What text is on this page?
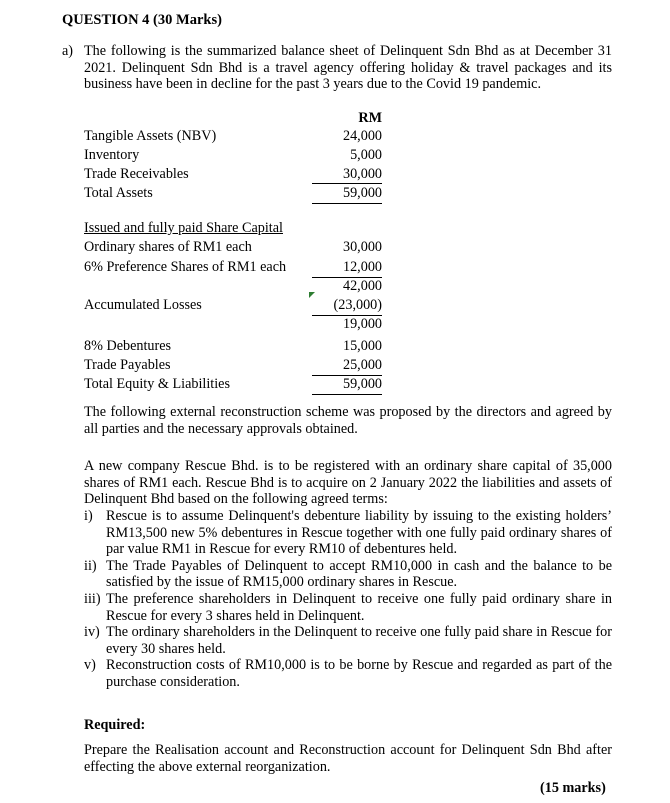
QUESTION 4 (30 Marks)
a) The following is the summarized balance sheet of Delinquent Sdn Bhd as at December 31 2021. Delinquent Sdn Bhd is a travel agency offering holiday & travel packages and its business have been in decline for the past 3 years due to the Covid 19 pandemic.
RM
Tangible Assets (NBV)	24,000
Inventory	5,000
Trade Receivables	30,000
Total Assets	59,000
Issued and fully paid Share Capital
Ordinary shares of RM1 each	30,000
6% Preference Shares of RM1 each	12,000
42,000
Accumulated Losses	(23,000)
19,000
8% Debentures	15,000
Trade Payables	25,000
Total Equity & Liabilities	59,000
The following external reconstruction scheme was proposed by the directors and agreed by all parties and the necessary approvals obtained.
A new company Rescue Bhd. is to be registered with an ordinary share capital of 35,000 shares of RM1 each. Rescue Bhd is to acquire on 2 January 2022 the liabilities and assets of Delinquent Bhd based on the following agreed terms:
i) Rescue is to assume Delinquent's debenture liability by issuing to the existing holders’ RM13,500 new 5% debentures in Rescue together with one fully paid ordinary shares of par value RM1 in Rescue for every RM10 of debentures held.
ii) The Trade Payables of Delinquent to accept RM10,000 in cash and the balance to be satisfied by the issue of RM15,000 ordinary shares in Rescue.
iii) The preference shareholders in Delinquent to receive one fully paid ordinary share in Rescue for every 3 shares held in Delinquent.
iv) The ordinary shareholders in the Delinquent to receive one fully paid share in Rescue for every 30 shares held.
v) Reconstruction costs of RM10,000 is to be borne by Rescue and regarded as part of the purchase consideration.
Required:
Prepare the Realisation account and Reconstruction account for Delinquent Sdn Bhd after effecting the above external reorganization.
(15 marks)
